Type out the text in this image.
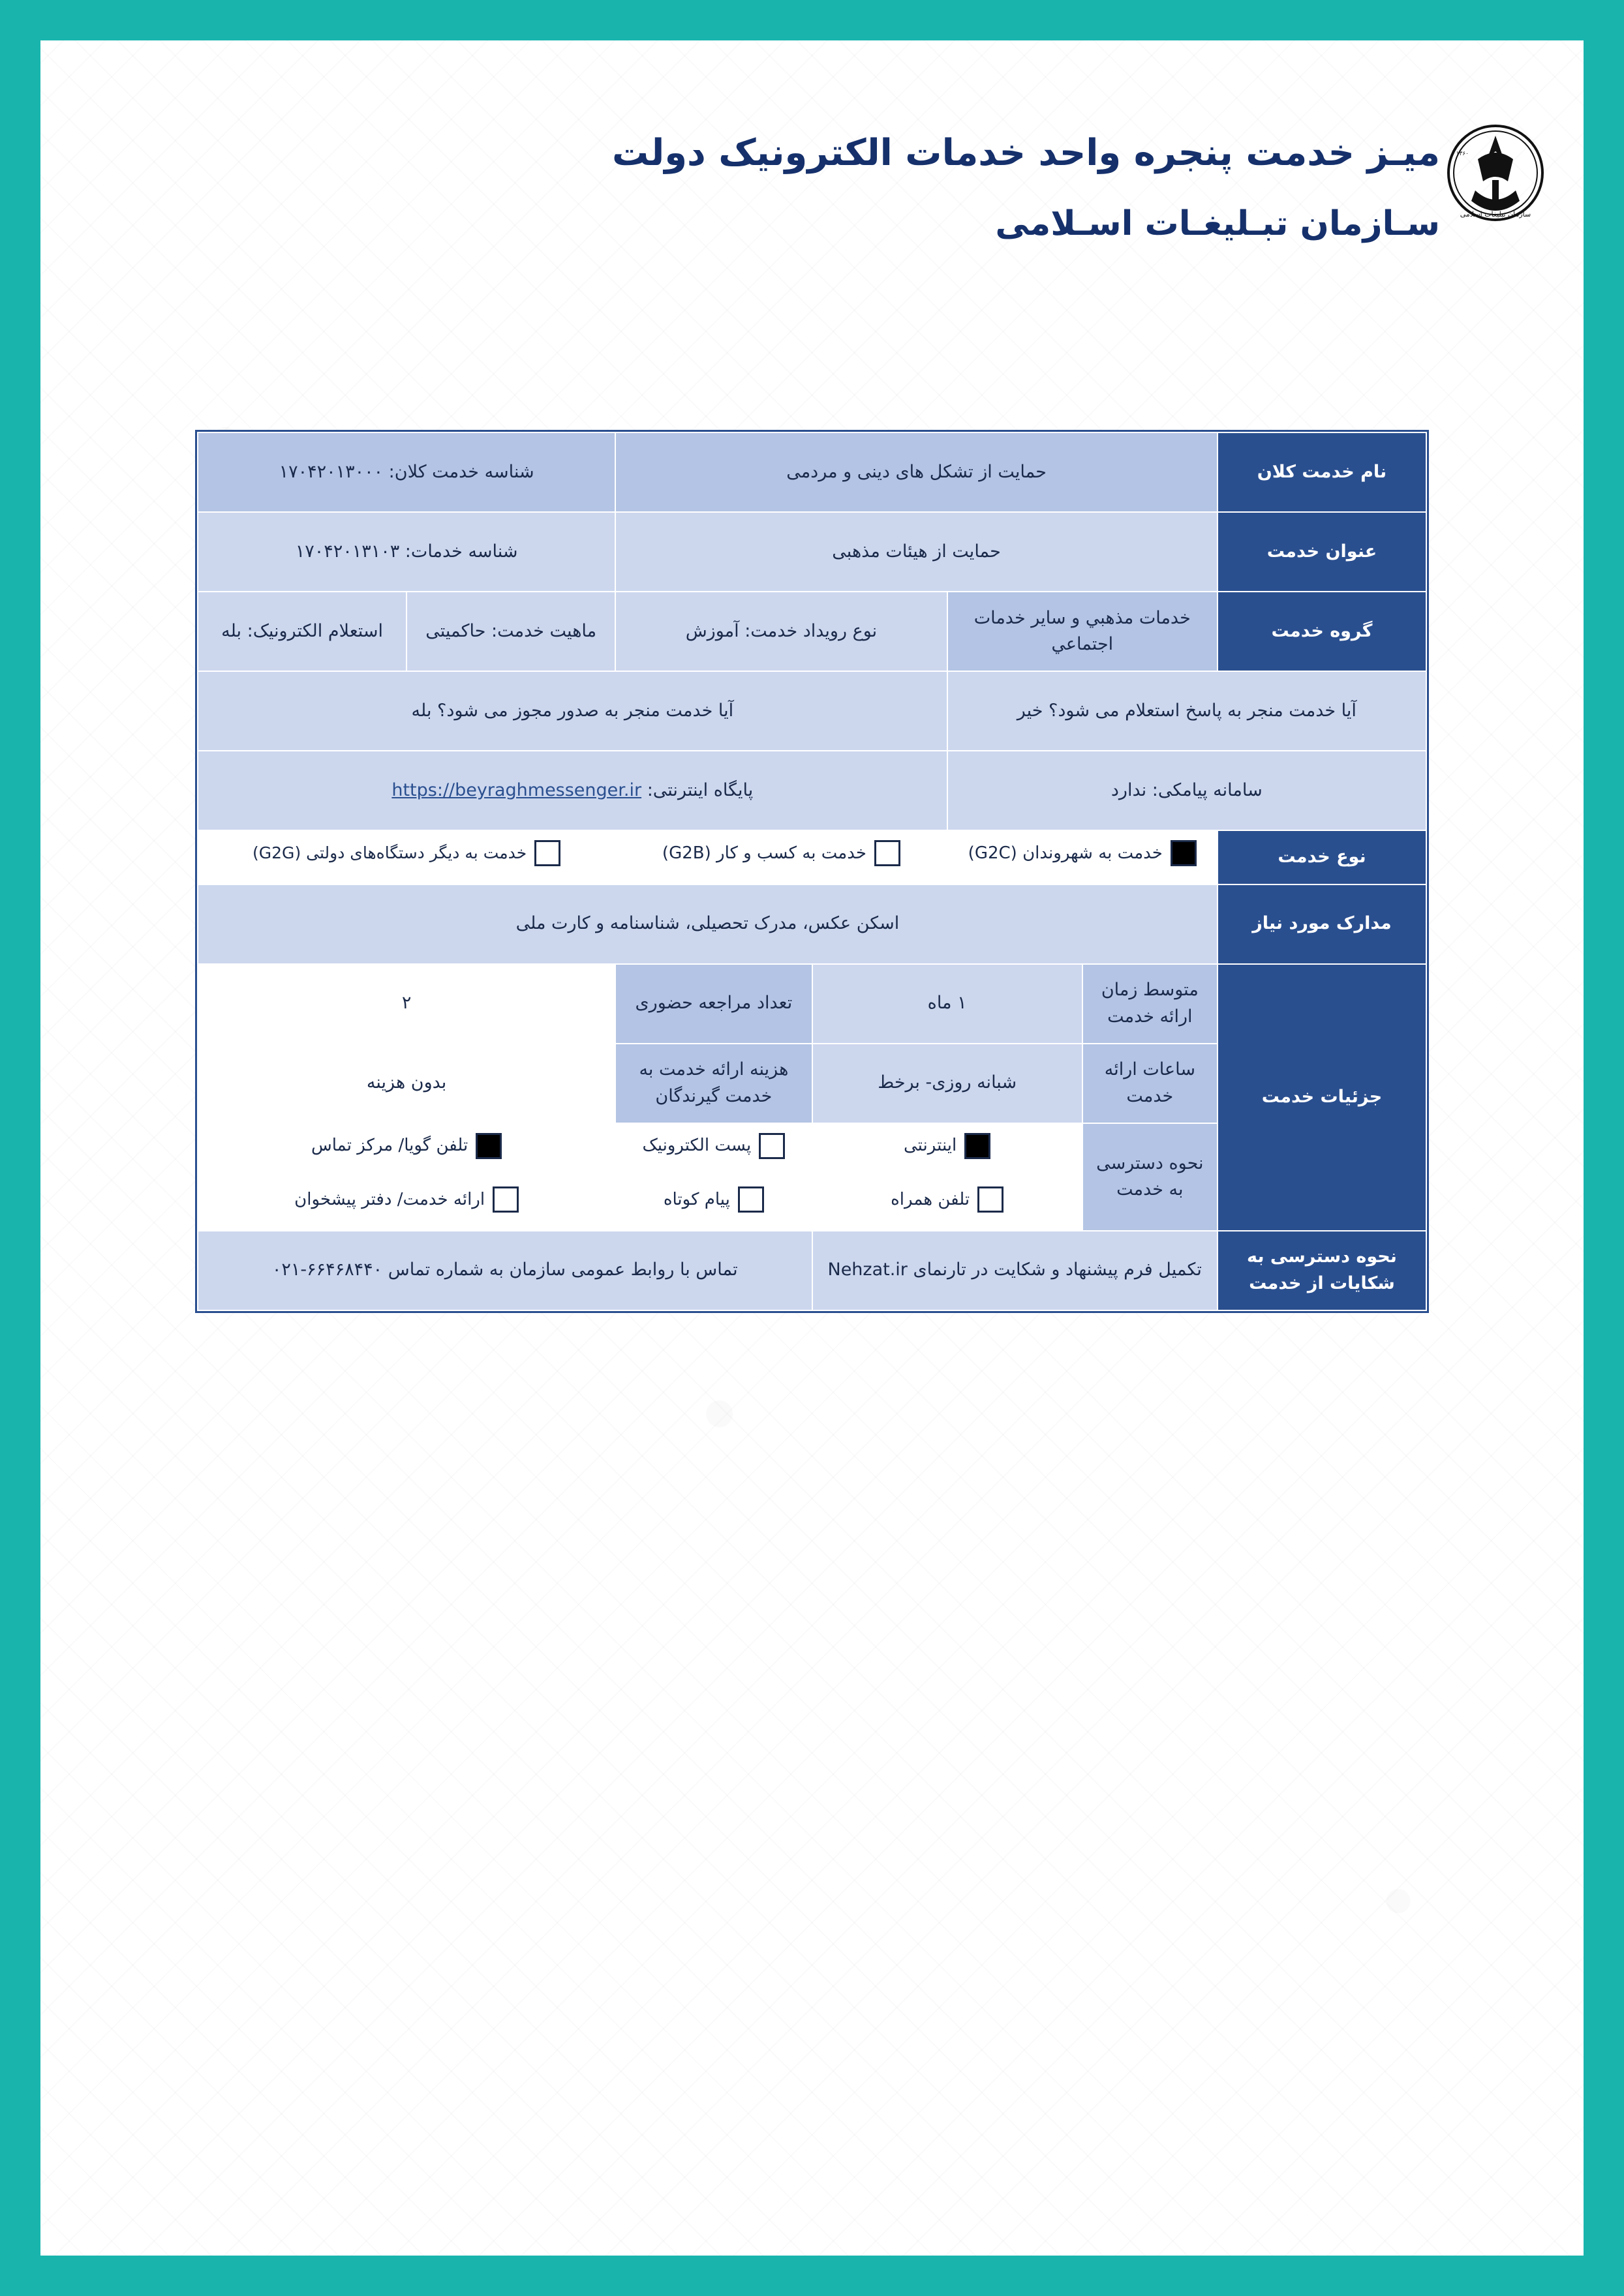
میـز خدمت پنجره واحد خدمات الکترونیک دولت
سـازمان تبـلیغـات اسـلامی	سازمان تبلیغات اسلامی
۱۳۶۰
نام خدمت کلان	حمایت از تشکل های دینی و مردمی				شناسه خدمت کلان: ۱۷۰۴۲۰۱۳۰۰۰	
عنوان خدمت	حمایت از هیئات مذهبی				شناسه خدمات: ۱۷۰۴۲۰۱۳۱۰۳	
گروه خدمت	خدمات مذهبي و سایر خدمات اجتماعي		نوع رویداد خدمت: آموزش		ماهیت خدمت: حاکمیتی	استعلام الکترونیک: بله
آیا خدمت منجر به پاسخ استعلام می شود؟ خیر			آیا خدمت منجر به صدور مجوز می شود؟ بله			
سامانه پیامکی: ندارد			پایگاه اینترنتی: https://beyraghmessenger.ir			
نوع خدمت	خدمت به شهروندان (G2C)		خدمت به کسب و کار (G2B)		خدمت به دیگر دستگاه‌های دولتی (G2G)	

مدارک مورد نیاز	اسکن عکس، مدرک تحصیلی، شناسنامه و کارت ملی					
جزئیات خدمت	متوسط زمان ارائه خدمت	۱ ماه		تعداد مراجعه حضوری	۲	
	ساعات ارائه خدمت	شبانه روزی- برخط		هزینه ارائه خدمت به خدمت گیرندگان	بدون هزینه	
	نحوه دسترسی به خدمت	اینترنتی		پست الکترونیک	تلفن گویا/ مرکز تماس	

		تلفن همراه		پیام کوتاه	ارائه خدمت/ دفتر پیشخوان	

نحوه دسترسی به شکایات از خدمت	تکمیل فرم پیشنهاد و شکایت در تارنمای Nehzat.ir			تماس با روابط عمومی سازمان به شماره تماس ۶۶۴۶۸۴۴۰-۰۲۱		
